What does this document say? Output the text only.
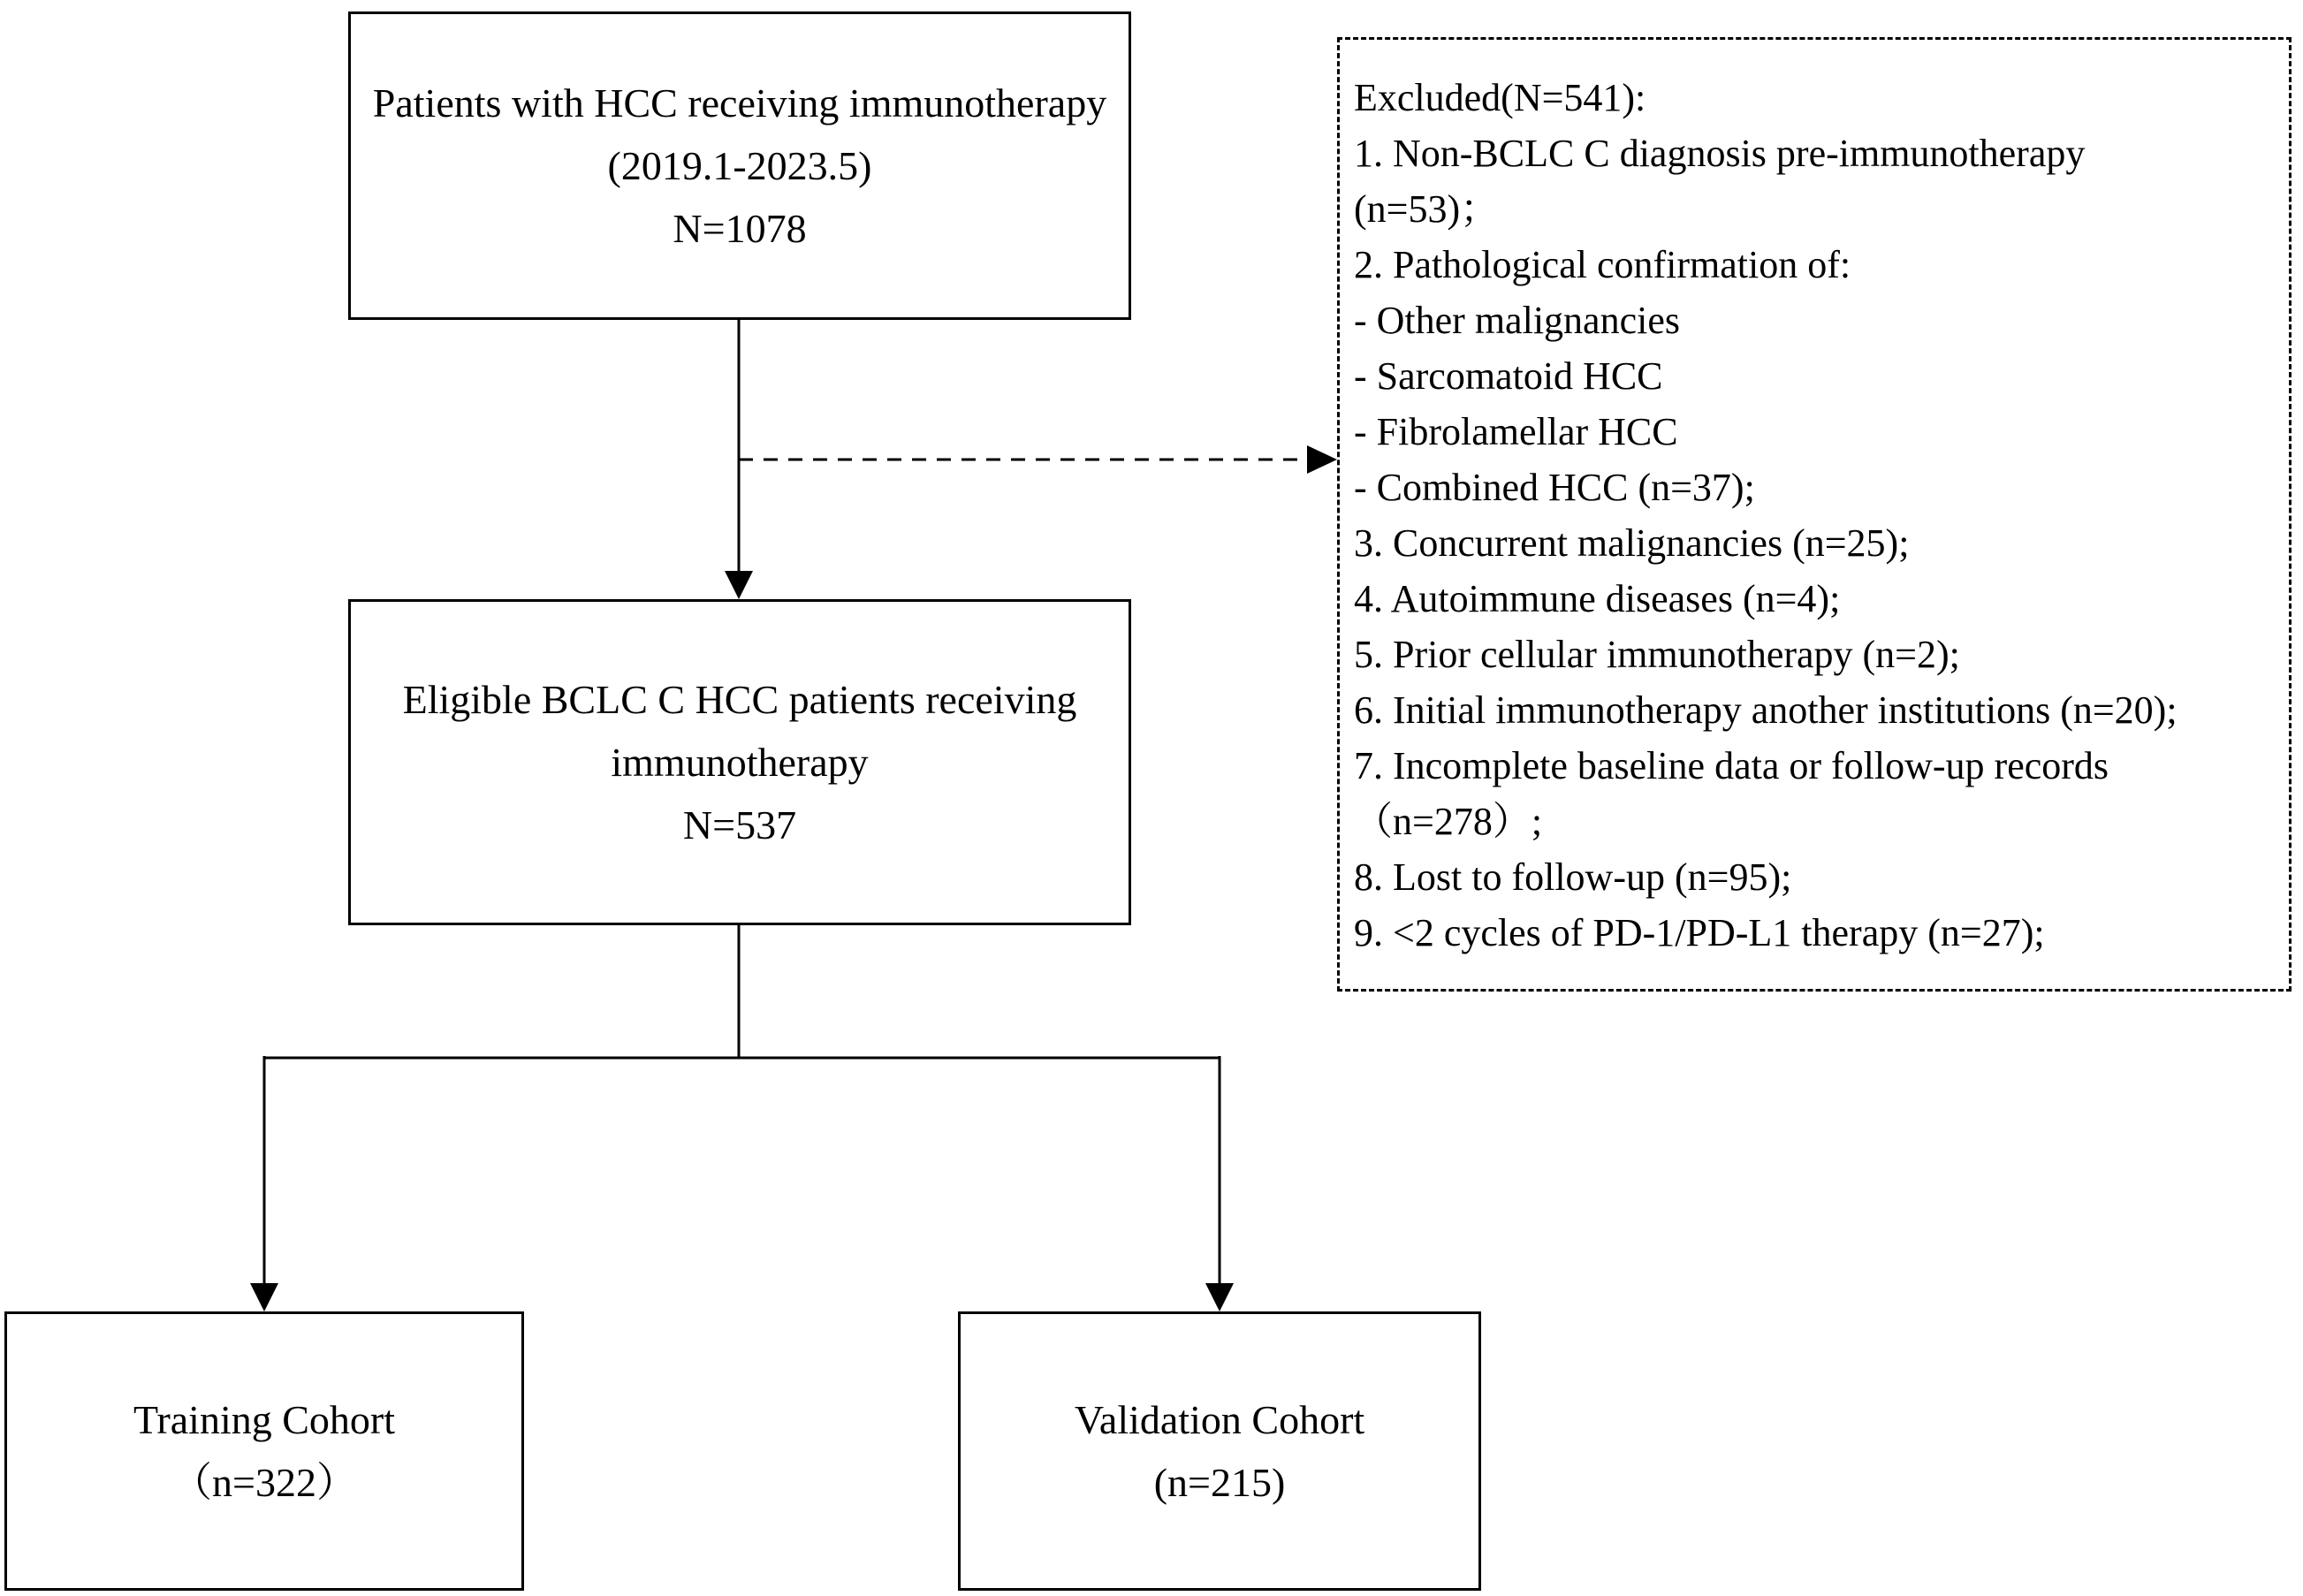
Patients with HCC receiving immunotherapy
(2019.1-2023.5)
N=1078
Eligible BCLC C HCC patients receiving
immunotherapy
N=537
Excluded(N=541):
1. Non-BCLC C diagnosis pre-immunotherapy
(n=53)；
2. Pathological confirmation of:
- Other malignancies
- Sarcomatoid HCC
- Fibrolamellar HCC
- Combined HCC (n=37);
3. Concurrent malignancies (n=25);
4. Autoimmune diseases (n=4);
5. Prior cellular immunotherapy (n=2);
6. Initial immunotherapy another institutions (n=20);
7. Incomplete baseline data or follow-up records
（n=278）;
8. Lost to follow-up (n=95);
9. <2 cycles of PD-1/PD-L1 therapy (n=27);
Training Cohort
（n=322）
Validation Cohort
(n=215)
